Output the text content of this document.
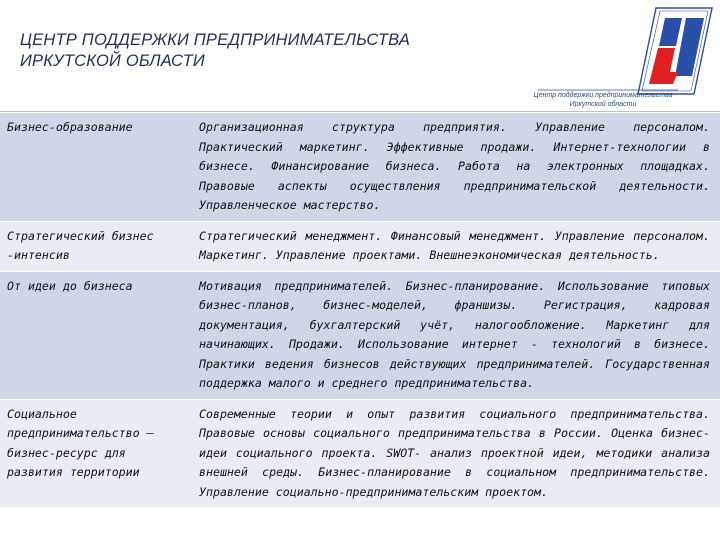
ЦЕНТР ПОДДЕРЖКИ ПРЕДПРИНИМАТЕЛЬСТВА
ИРКУТСКОЙ ОБЛАСТИ
Центр поддержки предпринимательства
Иркутской области
Бизнес-образование	Организационная структура предприятия. Управление персоналом. Практический маркетинг. Эффективные продажи. Интернет-технологии в бизнесе. Финансирование бизнеса. Работа на электронных площадках. Правовые аспекты осуществления предпринимательской деятельности. Управленческое мастерство.
Стратегический бизнес -интенсив	Стратегический менеджмент. Финансовый менеджмент. Управление персоналом. Маркетинг. Управление проектами. Внешнеэкономическая деятельность.
От идеи до бизнеса	Мотивация предпринимателей. Бизнес-планирование. Использование типовых бизнес-планов, бизнес-моделей, франшизы. Регистрация, кадровая документация, бухгалтерский учёт, налогообложение. Маркетинг для начинающих. Продажи. Использование интернет - технологий в бизнесе. Практики ведения бизнесов действующих предпринимателей. Государственная поддержка малого и среднего предпринимательства.
Социальное предпринимательство – бизнес-ресурс для развития территории	Современные теории и опыт развития социального предпринимательства. Правовые основы социального предпринимательства в России. Оценка бизнес-идеи социального проекта. SWOT- анализ проектной идеи, методики анализа внешней среды. Бизнес-планирование в социальном предпринимательстве. Управление социально-предпринимательским проектом.
